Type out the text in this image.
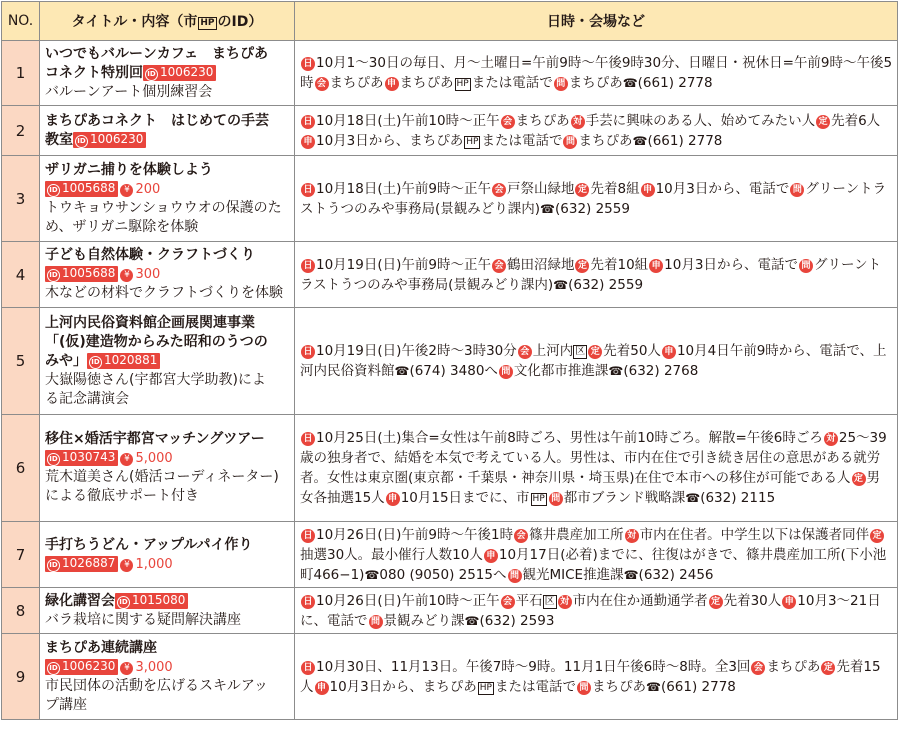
NO.	タイトル・内容（市 HP のID）	日時・会場など
1	いつでもバルーンカフェ　まちぴあ
コネクト特別回 ID 1006230
バルーンアート個別練習会	日 10月1～30日の毎日、月～土曜日=午前9時～午後9時30分、日曜日・祝休日=午前9時～午後5時 会 まちぴあ 申 まちぴあ HP または電話で 問 まちぴあ☎(661) 2778
2	まちぴあコネクト　はじめての手芸
教室 ID 1006230	日 10月18日(土)午前10時～正午 会 まちぴあ 対 手芸に興味のある人、始めてみたい人 定 先着6人申 10月3日から、まちぴあ HP または電話で 問 まちぴあ☎(661) 2778
3	ザリガニ捕りを体験しよう
ID 1005688 ¥ 200
トウキョウサンショウウオの保護のた
め、ザリガニ駆除を体験	日 10月18日(土)午前9時～正午 会 戸祭山緑地 定 先着8組 申 10月3日から、電話で 問 グリーントラストうつのみや事務局(景観みどり課内)☎(632) 2559
4	子ども自然体験・クラフトづくり
ID 1005688 ¥ 300
木などの材料でクラフトづくりを体験	日 10月19日(日)午前9時～正午 会 鶴田沼緑地 定 先着10組 申 10月3日から、電話で 問 グリーントラストうつのみや事務局(景観みどり課内)☎(632) 2559
5	上河内民俗資料館企画展関連事業
「(仮)建造物からみた昭和のうつの
みや」 ID 1020881
大嶽陽徳さん(宇都宮大学助教)によ
る記念講演会	日 10月19日(日)午後2時～3時30分 会 上河内 区 定 先着50人 申 10月4日午前9時から、電話で、上河内民俗資料館☎(674) 3480へ 問 文化都市推進課☎(632) 2768
6	移住×婚活宇都宮マッチングツアー
ID 1030743 ¥ 5,000
荒木道美さん(婚活コーディネーター)
による徹底サポート付き	日 10月25日(土)集合=女性は午前8時ごろ、男性は午前10時ごろ。解散=午後6時ごろ 対 25～39歳の独身者で、結婚を本気で考えている人。男性は、市内在住で引き続き居住の意思がある就労者。女性は東京圏(東京都・千葉県・神奈川県・埼玉県)在住で本市への移住が可能である人 定 男女各抽選15人 申 10月15日までに、市 HP 問 都市ブランド戦略課☎(632) 2115
7	手打ちうどん・アップルパイ作り
ID 1026887 ¥ 1,000	日 10月26日(日)午前9時～午後1時 会 篠井農産加工所 対 市内在住者。中学生以下は保護者同伴 定抽選30人。最小催行人数10人 申 10月17日(必着)までに、往復はがきで、篠井農産加工所(下小池町466−1)☎080 (9050) 2515へ 問 観光MICE推進課☎(632) 2456
8	緑化講習会 ID 1015080
バラ栽培に関する疑問解決講座	日 10月26日(日)午前10時～正午 会 平石 区 対 市内在住か通勤通学者 定 先着30人 申 10月3～21日に、電話で 問 景観みどり課☎(632) 2593
9	まちぴあ連続講座
ID 1006230 ¥ 3,000
市民団体の活動を広げるスキルアッ
プ講座	日 10月30日、11月13日。午後7時～9時。11月1日午後6時～8時。全3回 会 まちぴあ 定 先着15人 申 10月3日から、まちぴあ HP または電話で 問 まちぴあ☎(661) 2778
